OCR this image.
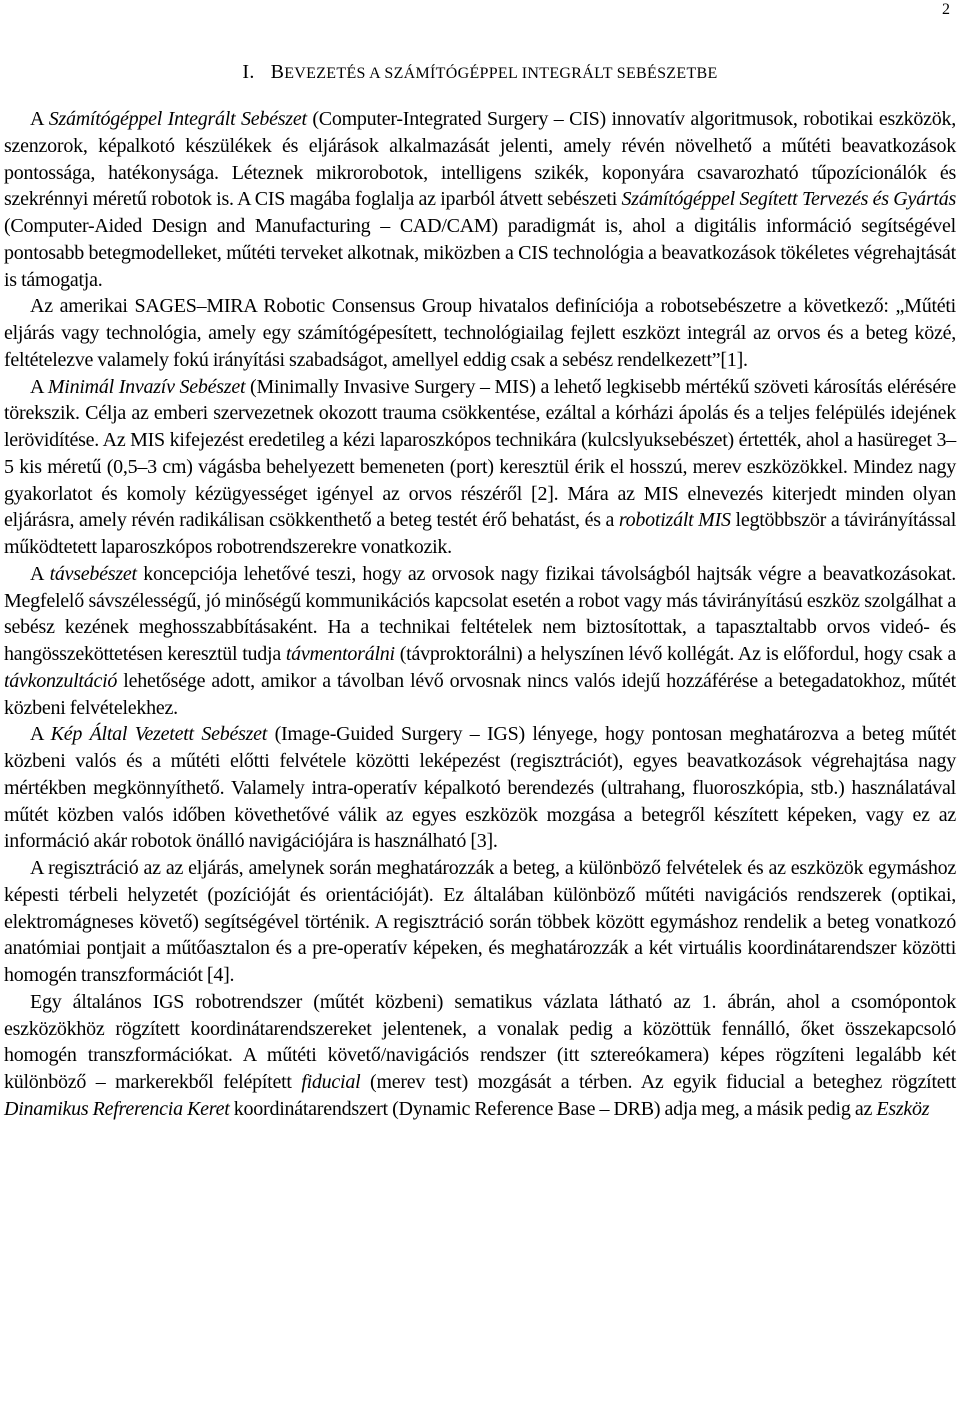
2
I. BEVEZETÉS A SZÁMÍTÓGÉPPEL INTEGRÁLT SEBÉSZETBE

A Számítógéppel Integrált Sebészet (Computer-Integrated Surgery – CIS) innovatív algoritmusok, robotikai eszközök, szenzorok, képalkotó készülékek és eljárások alkalmazását jelenti, amely révén növelhető a műtéti beavatkozások pontossága, hatékonysága. Léteznek mikrorobotok, intelligens szikék, koponyára csavarozható tűpozícionálók és szekrénnyi méretű robotok is. A CIS magába foglalja az iparból átvett sebészeti Számítógéppel Segített Tervezés és Gyártás (Computer-Aided Design and Manufacturing – CAD/CAM) paradigmát is, ahol a digitális információ segítségével pontosabb betegmodelleket, műtéti terveket alkotnak, miközben a CIS technológia a beavatkozások tökéletes végrehajtását is támogatja.

Az amerikai SAGES–MIRA Robotic Consensus Group hivatalos definíciója a robotsebészetre a következő: „Műtéti eljárás vagy technológia, amely egy számítógépesített, technológiailag fejlett eszközt integrál az orvos és a beteg közé, feltételezve valamely fokú irányítási szabadságot, amellyel eddig csak a sebész rendelkezett”[1].

A Minimál Invazív Sebészet (Minimally Invasive Surgery – MIS) a lehető legkisebb mértékű szöveti károsítás elérésére törekszik. Célja az emberi szervezetnek okozott trauma csökkentése, ezáltal a kórházi ápolás és a teljes felépülés idejének lerövidítése. Az MIS kifejezést eredetileg a kézi laparoszkópos technikára (kulcslyuksebészet) értették, ahol a hasüreget 3–5 kis méretű (0,5–3 cm) vágásba behelyezett bemeneten (port) keresztül érik el hosszú, merev eszközökkel. Mindez nagy gyakorlatot és komoly kézügyességet igényel az orvos részéről [2]. Mára az MIS elnevezés kiterjedt minden olyan eljárásra, amely révén radikálisan csökkenthető a beteg testét érő behatást, és a robotizált MIS legtöbbször a távirányítással működtetett laparoszkópos robotrendszerekre vonatkozik.

A távsebészet koncepciója lehetővé teszi, hogy az orvosok nagy fizikai távolságból hajtsák végre a beavatkozásokat. Megfelelő sávszélességű, jó minőségű kommunikációs kapcsolat esetén a robot vagy más távirányítású eszköz szolgálhat a sebész kezének meghosszabbításaként. Ha a technikai feltételek nem biztosítottak, a tapasztaltabb orvos videó- és hangösszeköttetésen keresztül tudja távmentorálni (távproktorálni) a helyszínen lévő kollégát. Az is előfordul, hogy csak a távkonzultáció lehetősége adott, amikor a távolban lévő orvosnak nincs valós idejű hozzáférése a betegadatokhoz, műtét közbeni felvételekhez.

A Kép Által Vezetett Sebészet (Image-Guided Surgery – IGS) lényege, hogy pontosan meghatározva a beteg műtét közbeni valós és a műtéti előtti felvétele közötti leképezést (regisztrációt), egyes beavatkozások végrehajtása nagy mértékben megkönnyíthető. Valamely intra-operatív képalkotó berendezés (ultrahang, fluoroszkópia, stb.) használatával műtét közben valós időben követhetővé válik az egyes eszközök mozgása a betegről készített képeken, vagy ez az információ akár robotok önálló navigációjára is használható [3].

A regisztráció az az eljárás, amelynek során meghatározzák a beteg, a különböző felvételek és az eszközök egymáshoz képesti térbeli helyzetét (pozícióját és orientációját). Ez általában különböző műtéti navigációs rendszerek (optikai, elektromágneses követő) segítségével történik. A regisztráció során többek között egymáshoz rendelik a beteg vonatkozó anatómiai pontjait a műtőasztalon és a pre-operatív képeken, és meghatározzák a két virtuális koordinátarendszer közötti homogén transzformációt [4].

Egy általános IGS robotrendszer (műtét közbeni) sematikus vázlata látható az 1. ábrán, ahol a csomópontok eszközökhöz rögzített koordinátarendszereket jelentenek, a vonalak pedig a közöttük fennálló, őket összekapcsoló homogén transzformációkat. A műtéti követő/navigációs rendszer (itt sztereókamera) képes rögzíteni legalább két különböző – markerekből felépített fiducial (merev test) mozgását a térben. Az egyik fiducial a beteghez rögzített Dinamikus Refrerencia Keret koordinátarendszert (Dynamic Reference Base – DRB) adja meg, a másik pedig az Eszköz
